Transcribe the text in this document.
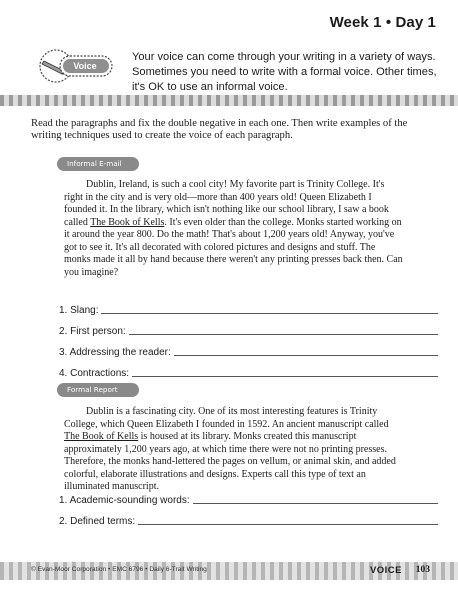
Week 1 • Day 1
Voice
Your voice can come through your writing in a variety of ways. Sometimes you need to write with a formal voice. Other times, it's OK to use an informal voice.
Read the paragraphs and fix the double negative in each one. Then write examples of the writing techniques used to create the voice of each paragraph.
Informal E-mail
Dublin, Ireland, is such a cool city! My favorite part is Trinity College. It's right in the city and is very old—more than 400 years old! Queen Elizabeth I founded it. In the library, which isn't nothing like our school library, I saw a book called The Book of Kells. It's even older than the college. Monks started working on it around the year 800. Do the math! That's about 1,200 years old! Anyway, you've got to see it. It's all decorated with colored pictures and designs and stuff. The monks made it all by hand because there weren't any printing presses back then. Can you imagine?
1. Slang:
2. First person:
3. Addressing the reader:
4. Contractions:
Formal Report
Dublin is a fascinating city. One of its most interesting features is Trinity College, which Queen Elizabeth I founded in 1592. An ancient manuscript called The Book of Kells is housed at its library. Monks created this manuscript approximately 1,200 years ago, at which time there were not no printing presses. Therefore, the monks hand-lettered the pages on vellum, or animal skin, and added colorful, elaborate illustrations and designs. Experts call this type of text an illuminated manuscript.
1. Academic-sounding words:
2. Defined terms:
© Evan-Moor Corporation • EMC 6796 • Daily 6-Trait Writing	VOICE 103
